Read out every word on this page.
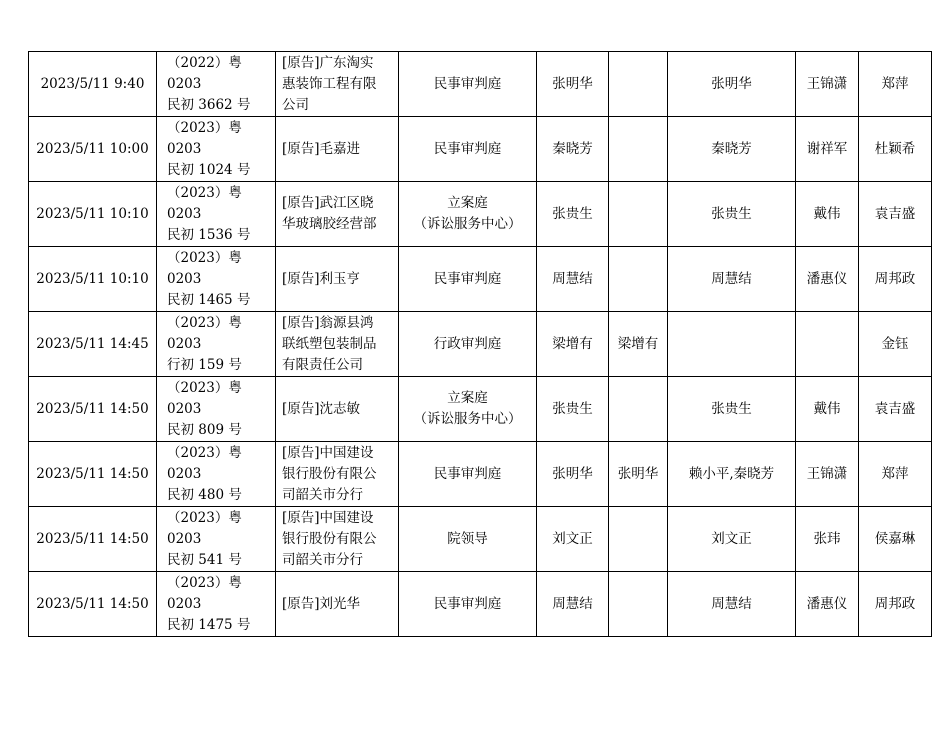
2023/5/11 9:40	（2022）粤 0203
民初 3662 号	[原告]广东淘实
惠装饰工程有限
公司	民事审判庭	张明华		张明华	王锦潇	郑萍
2023/5/11 10:00	（2023）粤 0203
民初 1024 号	[原告]毛嘉进	民事审判庭	秦晓芳		秦晓芳	谢祥军	杜颖希
2023/5/11 10:10	（2023）粤 0203
民初 1536 号	[原告]武江区晓
华玻璃胶经营部	立案庭
（诉讼服务中心）	张贵生		张贵生	戴伟	袁吉盛
2023/5/11 10:10	（2023）粤 0203
民初 1465 号	[原告]利玉亨	民事审判庭	周慧结		周慧结	潘惠仪	周邦政
2023/5/11 14:45	（2023）粤 0203
行初 159 号	[原告]翁源县鸿
联纸塑包装制品
有限责任公司	行政审判庭	梁增有	梁增有			金钰
2023/5/11 14:50	（2023）粤 0203
民初 809 号	[原告]沈志敏	立案庭
（诉讼服务中心）	张贵生		张贵生	戴伟	袁吉盛
2023/5/11 14:50	（2023）粤 0203
民初 480 号	[原告]中国建设
银行股份有限公
司韶关市分行	民事审判庭	张明华	张明华	赖小平,秦晓芳	王锦潇	郑萍
2023/5/11 14:50	（2023）粤 0203
民初 541 号	[原告]中国建设
银行股份有限公
司韶关市分行	院领导	刘文正		刘文正	张玮	侯嘉琳
2023/5/11 14:50	（2023）粤 0203
民初 1475 号	[原告]刘光华	民事审判庭	周慧结		周慧结	潘惠仪	周邦政
